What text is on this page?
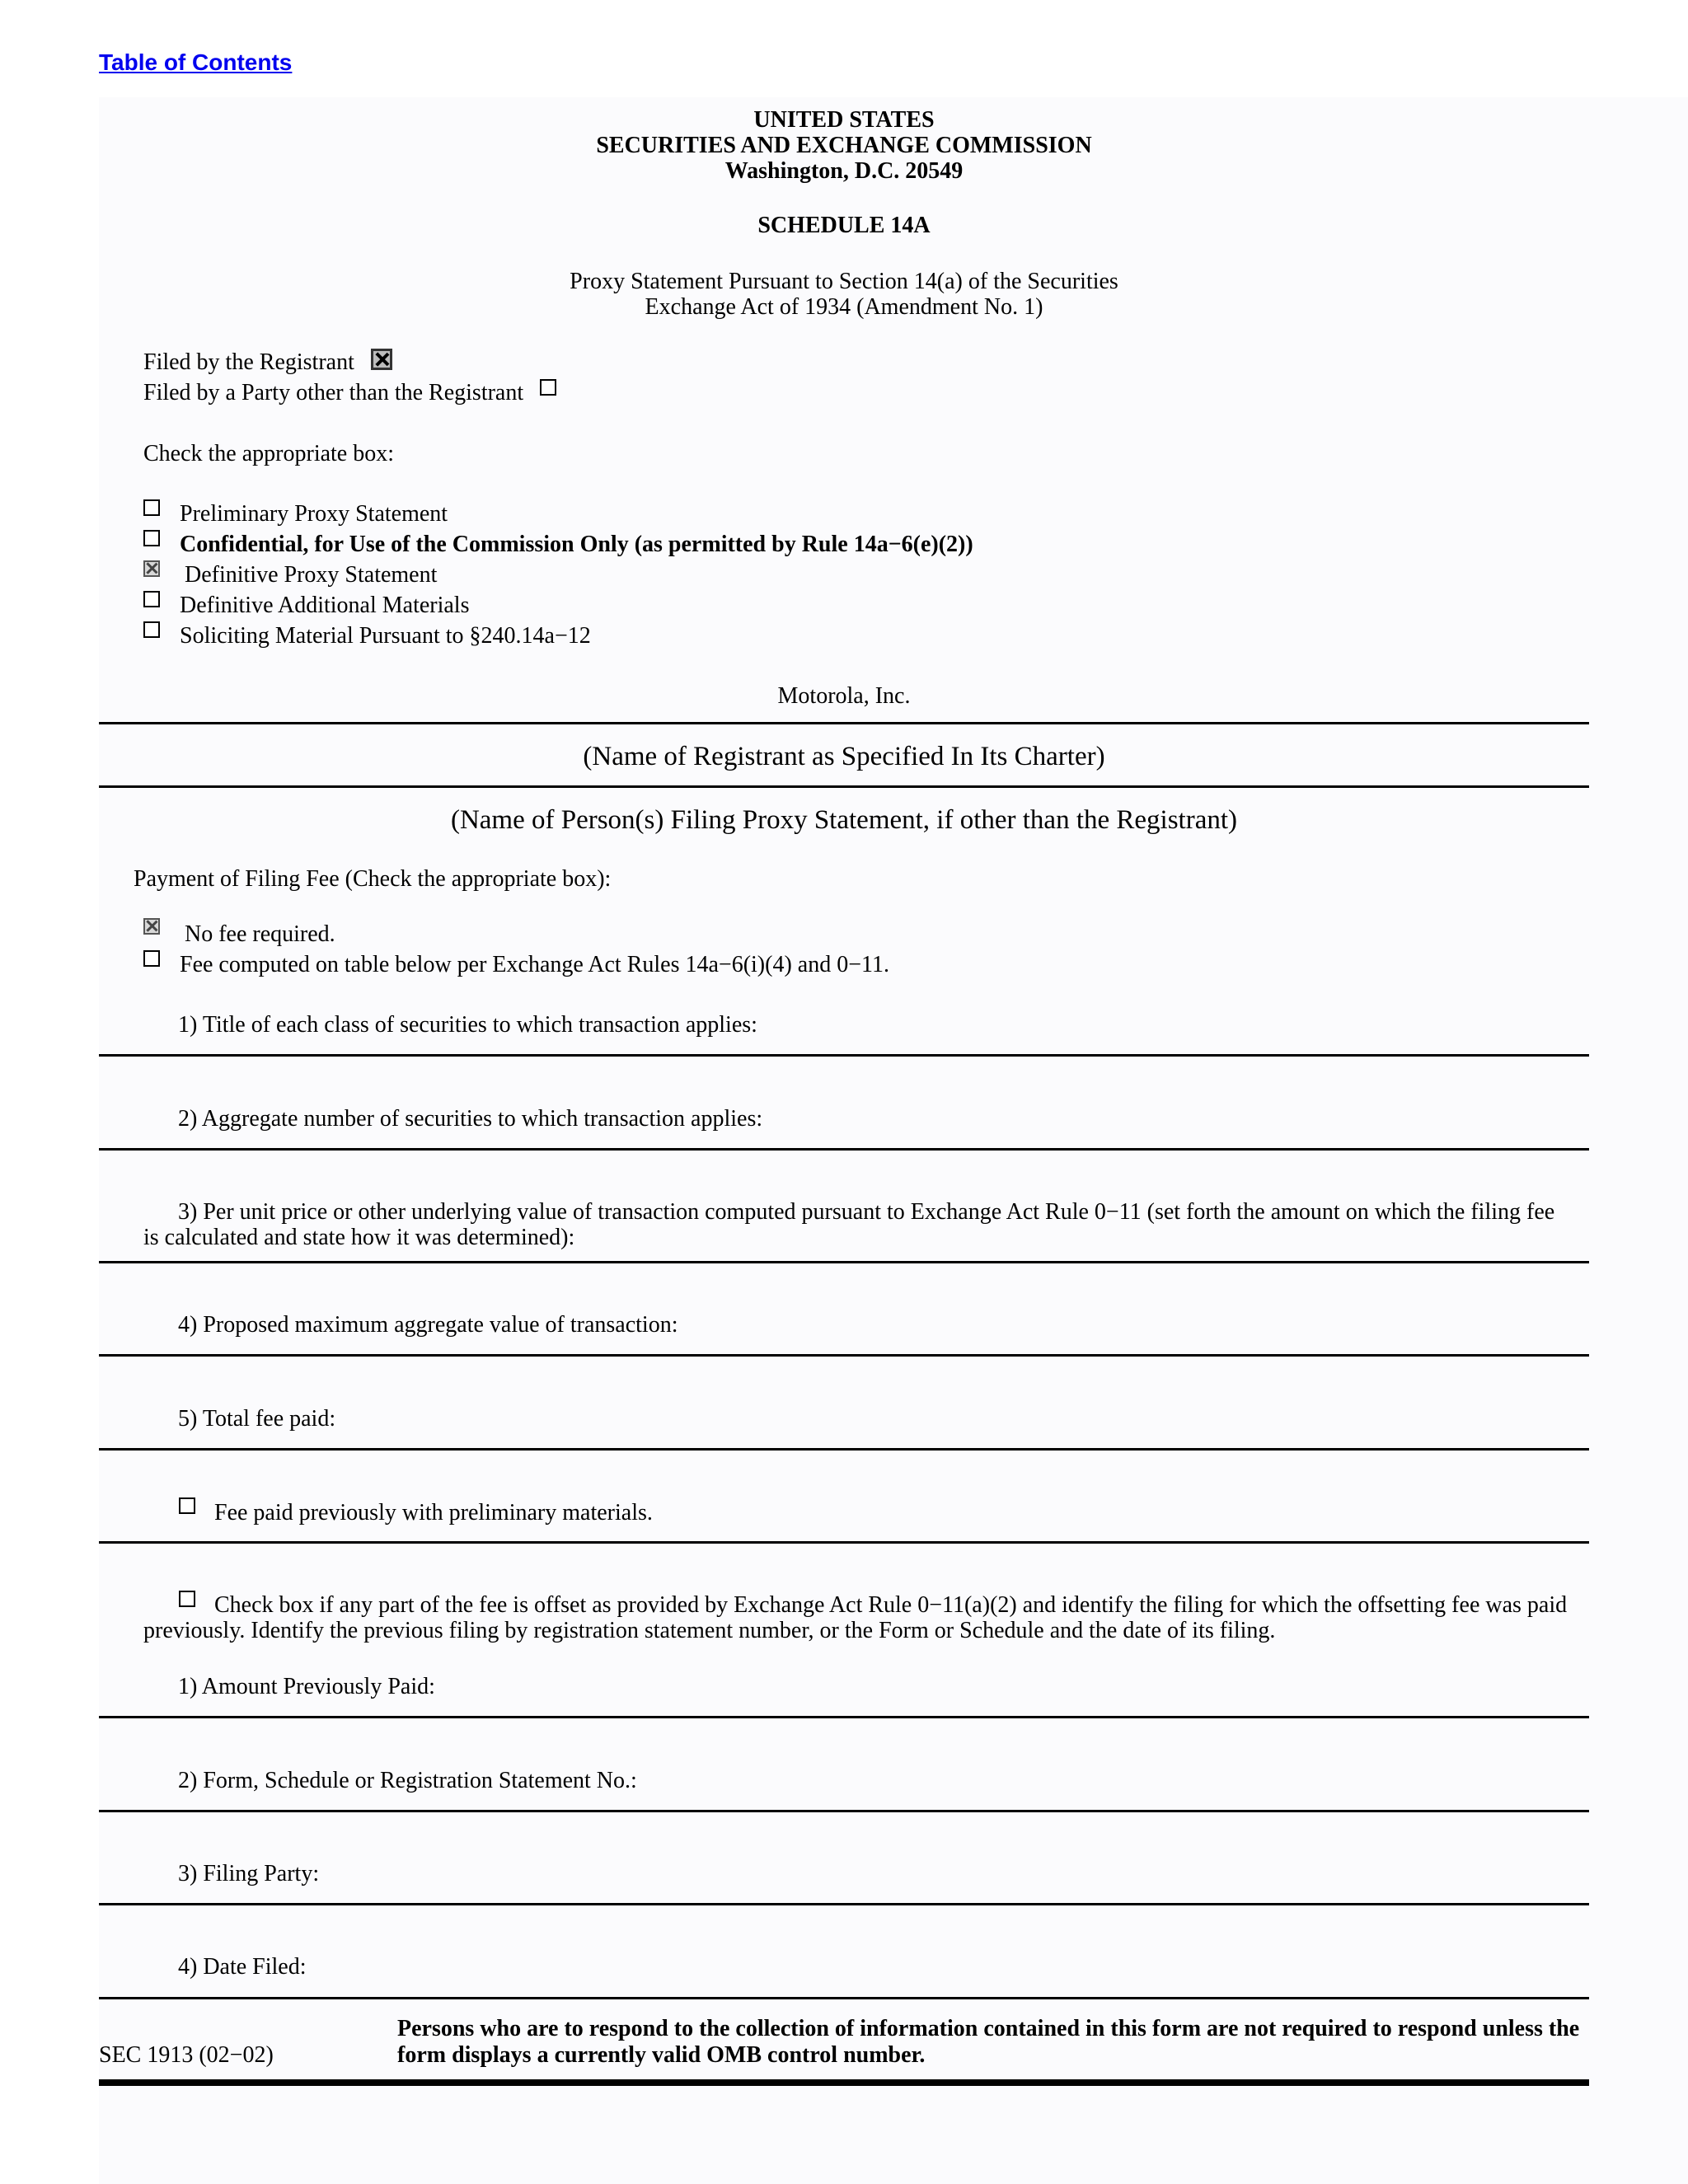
Table of Contents
UNITED STATES
SECURITIES AND EXCHANGE COMMISSION
Washington, D.C. 20549
SCHEDULE 14A
Proxy Statement Pursuant to Section 14(a) of the Securities
Exchange Act of 1934 (Amendment No. 1)
Filed by the Registrant
Filed by a Party other than the Registrant
Check the appropriate box:
Preliminary Proxy Statement
Confidential, for Use of the Commission Only (as permitted by Rule 14a−6(e)(2))
Definitive Proxy Statement
Definitive Additional Materials
Soliciting Material Pursuant to §240.14a−12
Motorola, Inc.
(Name of Registrant as Specified In Its Charter)
(Name of Person(s) Filing Proxy Statement, if other than the Registrant)
Payment of Filing Fee (Check the appropriate box):
No fee required.
Fee computed on table below per Exchange Act Rules 14a−6(i)(4) and 0−11.
1) Title of each class of securities to which transaction applies:
2) Aggregate number of securities to which transaction applies:
3) Per unit price or other underlying value of transaction computed pursuant to Exchange Act Rule 0−11 (set forth the amount on which the filing fee is calculated and state how it was determined):
4) Proposed maximum aggregate value of transaction:
5) Total fee paid:
Fee paid previously with preliminary materials.
Check box if any part of the fee is offset as provided by Exchange Act Rule 0−11(a)(2) and identify the filing for which the offsetting fee was paid previously. Identify the previous filing by registration statement number, or the Form or Schedule and the date of its filing.
1) Amount Previously Paid:
2) Form, Schedule or Registration Statement No.:
3) Filing Party:
4) Date Filed:
SEC 1913 (02−02)
Persons who are to respond to the collection of information contained in this form are not required to respond unless the form displays a currently valid OMB control number.
